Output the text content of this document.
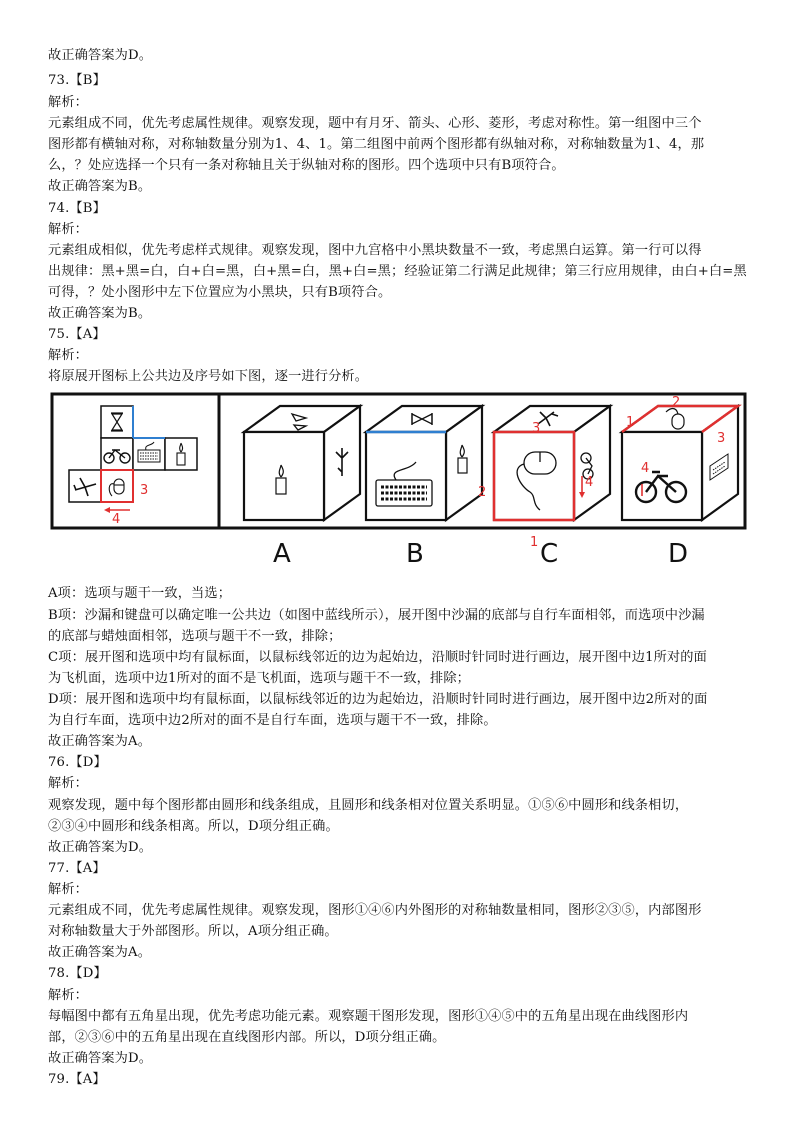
故正确答案为D。
73.【B】
解析：
元素组成不同，优先考虑属性规律。观察发现，题中有月牙、箭头、心形、菱形，考虑对称性。第一组图中三个
图形都有横轴对称，对称轴数量分别为1、4、1。第二组图中前两个图形都有纵轴对称，对称轴数量为1、4，那
么，？处应选择一个只有一条对称轴且关于纵轴对称的图形。四个选项中只有B项符合。
故正确答案为B。
74.【B】
解析：
元素组成相似，优先考虑样式规律。观察发现，图中九宫格中小黑块数量不一致，考虑黑白运算。第一行可以得
出规律：黑+黑=白，白+白=黑，白+黑=白，黑+白=黑；经验证第二行满足此规律；第三行应用规律，由白+白=黑
可得，？处小图形中左下位置应为小黑块，只有B项符合。
故正确答案为B。
75.【A】
解析：
将原展开图标上公共边及序号如下图，逐一进行分析。
4
3
A	B
3
2
4
1 C
2
1
3
4
D
A项：选项与题干一致，当选；
B项：沙漏和键盘可以确定唯一公共边（如图中蓝线所示），展开图中沙漏的底部与自行车面相邻，而选项中沙漏
的底部与蜡烛面相邻，选项与题干不一致，排除；
C项：展开图和选项中均有鼠标面，以鼠标线邻近的边为起始边，沿顺时针同时进行画边，展开图中边1所对的面
为飞机面，选项中边1所对的面不是飞机面，选项与题干不一致，排除；
D项：展开图和选项中均有鼠标面，以鼠标线邻近的边为起始边，沿顺时针同时进行画边，展开图中边2所对的面
为自行车面，选项中边2所对的面不是自行车面，选项与题干不一致，排除。
故正确答案为A。
76.【D】
解析：
观察发现，题中每个图形都由圆形和线条组成，且圆形和线条相对位置关系明显。①⑤⑥中圆形和线条相切，
②③④中圆形和线条相离。所以，D项分组正确。
故正确答案为D。
77.【A】
解析：
元素组成不同，优先考虑属性规律。观察发现，图形①④⑥内外图形的对称轴数量相同，图形②③⑤，内部图形
对称轴数量大于外部图形。所以，A项分组正确。
故正确答案为A。
78.【D】
解析：
每幅图中都有五角星出现，优先考虑功能元素。观察题干图形发现，图形①④⑤中的五角星出现在曲线图形内
部，②③⑥中的五角星出现在直线图形内部。所以，D项分组正确。
故正确答案为D。
79.【A】
